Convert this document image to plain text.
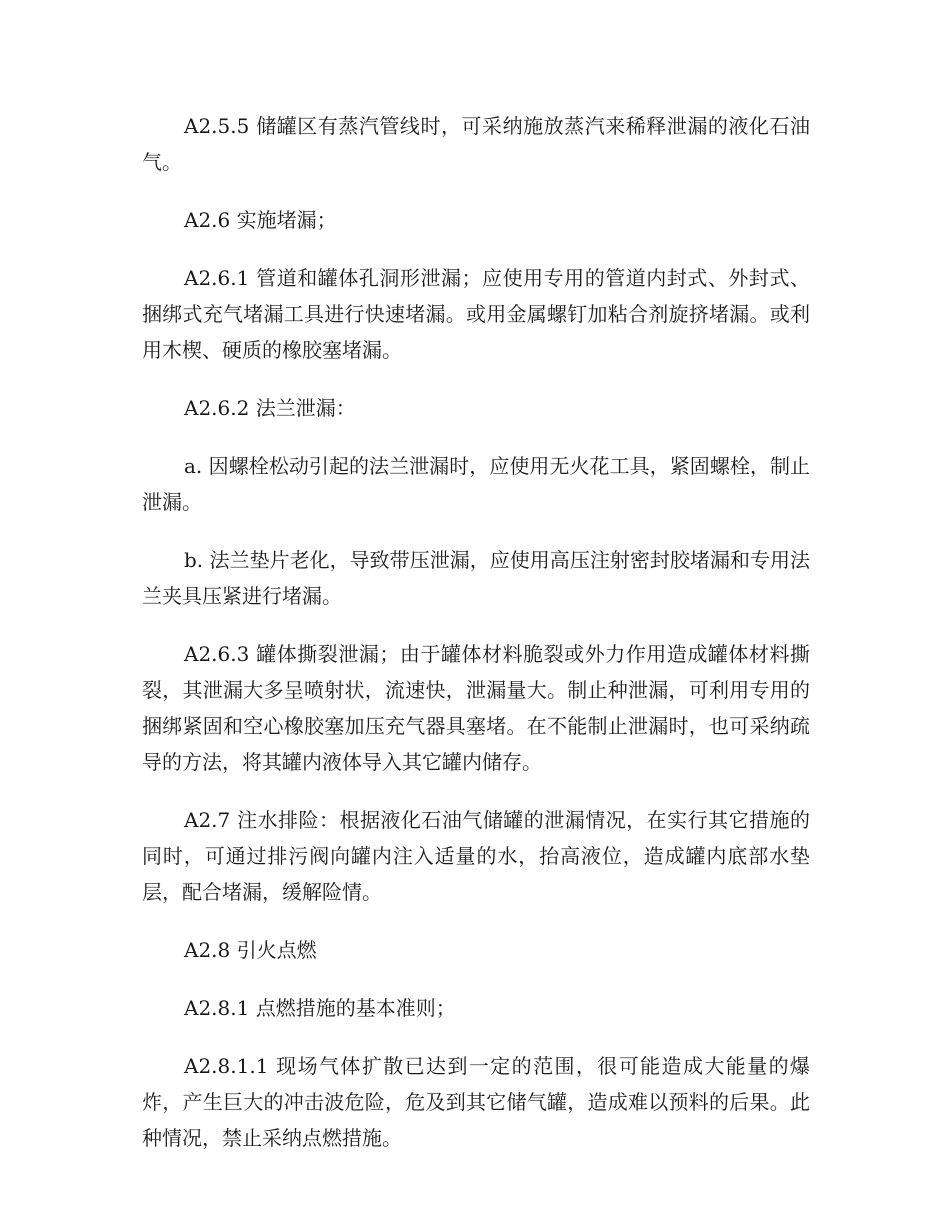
A2.5.5 储罐区有蒸汽管线时，可采纳施放蒸汽来稀释泄漏的液化石油气。

A2.6 实施堵漏；

A2.6.1 管道和罐体孔洞形泄漏；应使用专用的管道内封式、外封式、捆绑式充气堵漏工具进行快速堵漏。或用金属螺钉加粘合剂旋挤堵漏。或利用木楔、硬质的橡胶塞堵漏。

A2.6.2 法兰泄漏：

a. 因螺栓松动引起的法兰泄漏时，应使用无火花工具，紧固螺栓，制止泄漏。

b. 法兰垫片老化，导致带压泄漏，应使用高压注射密封胶堵漏和专用法兰夹具压紧进行堵漏。

A2.6.3 罐体撕裂泄漏；由于罐体材料脆裂或外力作用造成罐体材料撕裂，其泄漏大多呈喷射状，流速快，泄漏量大。制止种泄漏，可利用专用的捆绑紧固和空心橡胶塞加压充气器具塞堵。在不能制止泄漏时，也可采纳疏导的方法，将其罐内液体导入其它罐内储存。

A2.7 注水排险：根据液化石油气储罐的泄漏情况，在实行其它措施的同时，可通过排污阀向罐内注入适量的水，抬高液位，造成罐内底部水垫层，配合堵漏，缓解险情。

A2.8 引火点燃

A2.8.1 点燃措施的基本准则；

A2.8.1.1 现场气体扩散已达到一定的范围，很可能造成大能量的爆炸，产生巨大的冲击波危险，危及到其它储气罐，造成难以预料的后果。此种情况，禁止采纳点燃措施。
